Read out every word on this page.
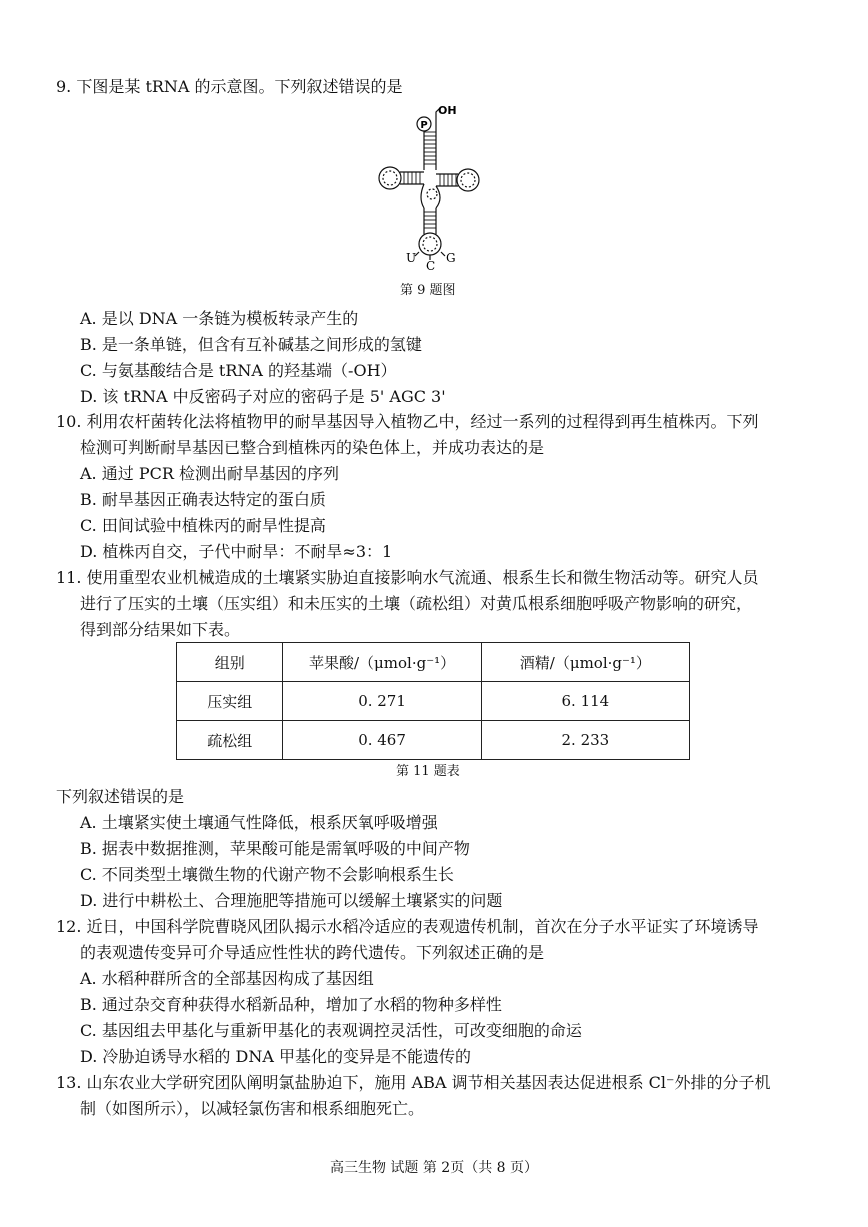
9. 下图是某 tRNA 的示意图。下列叙述错误的是
P
OH
U
C
G
第 9 题图
A. 是以 DNA 一条链为模板转录产生的
B. 是一条单链，但含有互补碱基之间形成的氢键
C. 与氨基酸结合是 tRNA 的羟基端（-OH）
D. 该 tRNA 中反密码子对应的密码子是 5' AGC 3'
10. 利用农杆菌转化法将植物甲的耐旱基因导入植物乙中，经过一系列的过程得到再生植株丙。下列
检测可判断耐旱基因已整合到植株丙的染色体上，并成功表达的是
A. 通过 PCR 检测出耐旱基因的序列
B. 耐旱基因正确表达特定的蛋白质
C. 田间试验中植株丙的耐旱性提高
D. 植株丙自交，子代中耐旱：不耐旱≈3：1
11. 使用重型农业机械造成的土壤紧实胁迫直接影响水气流通、根系生长和微生物活动等。研究人员
进行了压实的土壤（压实组）和未压实的土壤（疏松组）对黄瓜根系细胞呼吸产物影响的研究，
得到部分结果如下表。
组别	苹果酸/（μmol·g⁻¹）	酒精/（μmol·g⁻¹）
压实组	0. 271	6. 114
疏松组	0. 467	2. 233
第 11 题表
下列叙述错误的是
A. 土壤紧实使土壤通气性降低，根系厌氧呼吸增强
B. 据表中数据推测，苹果酸可能是需氧呼吸的中间产物
C. 不同类型土壤微生物的代谢产物不会影响根系生长
D. 进行中耕松土、合理施肥等措施可以缓解土壤紧实的问题
12. 近日，中国科学院曹晓风团队揭示水稻冷适应的表观遗传机制，首次在分子水平证实了环境诱导
的表观遗传变异可介导适应性性状的跨代遗传。下列叙述正确的是
A. 水稻种群所含的全部基因构成了基因组
B. 通过杂交育种获得水稻新品种，增加了水稻的物种多样性
C. 基因组去甲基化与重新甲基化的表观调控灵活性，可改变细胞的命运
D. 冷胁迫诱导水稻的 DNA 甲基化的变异是不能遗传的
13. 山东农业大学研究团队阐明氯盐胁迫下，施用 ABA 调节相关基因表达促进根系 Cl⁻外排的分子机
制（如图所示），以减轻氯伤害和根系细胞死亡。
高三生物 试题 第 2页（共 8 页）
